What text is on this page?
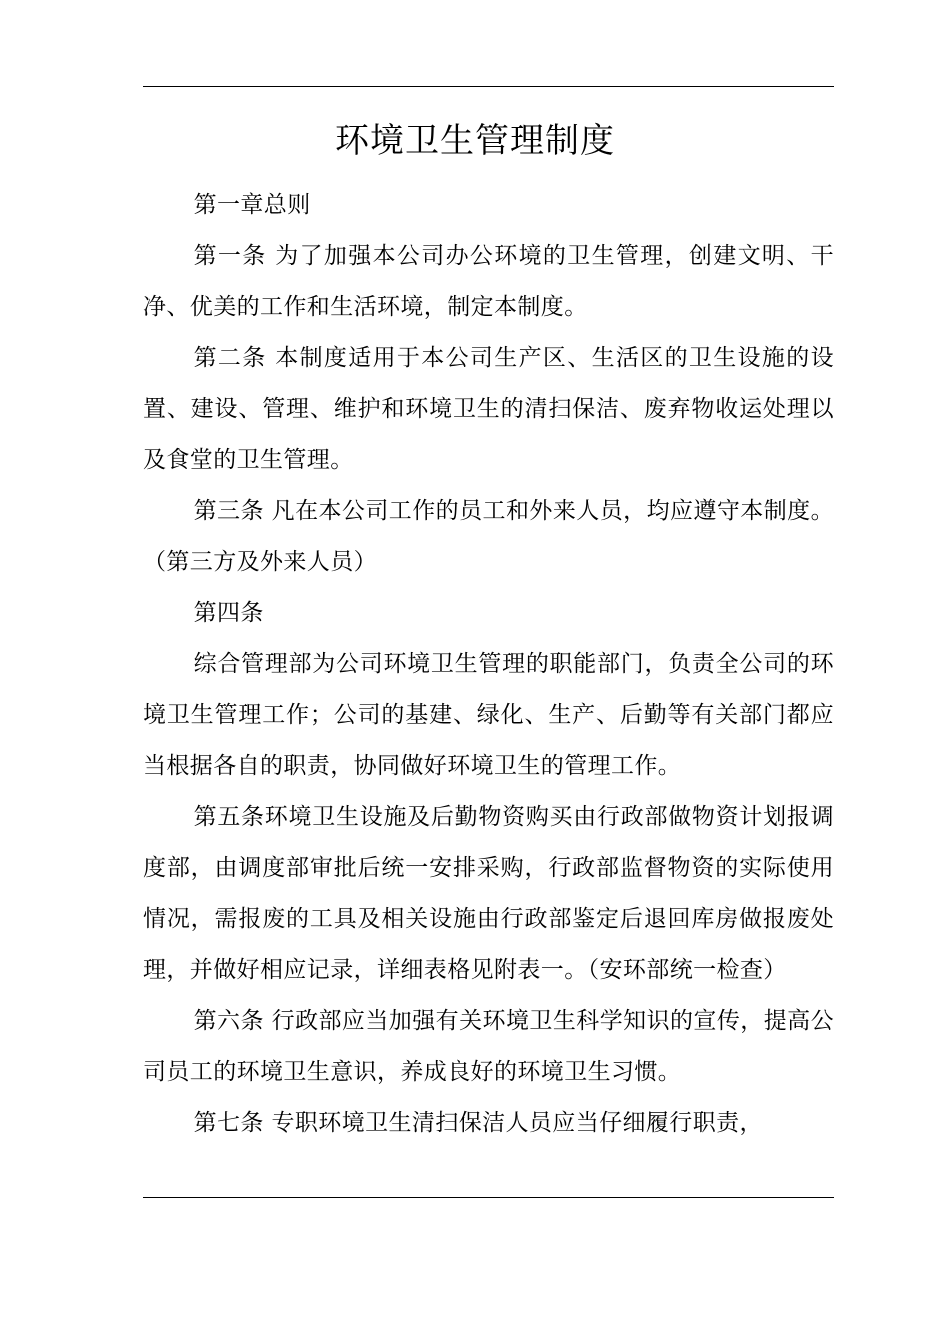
环境卫生管理制度

第一章总则

第一条 为了加强本公司办公环境的卫生管理，创建文明、干净、优美的工作和生活环境，制定本制度。

第二条 本制度适用于本公司生产区、生活区的卫生设施的设置、建设、管理、维护和环境卫生的清扫保洁、废弃物收运处理以及食堂的卫生管理。

第三条 凡在本公司工作的员工和外来人员，均应遵守本制度。（第三方及外来人员）

第四条

综合管理部为公司环境卫生管理的职能部门，负责全公司的环境卫生管理工作；公司的基建、绿化、生产、后勤等有关部门都应当根据各自的职责，协同做好环境卫生的管理工作。

第五条环境卫生设施及后勤物资购买由行政部做物资计划报调度部，由调度部审批后统一安排采购，行政部监督物资的实际使用情况，需报废的工具及相关设施由行政部鉴定后退回库房做报废处理，并做好相应记录，详细表格见附表一。（安环部统一检查）

第六条 行政部应当加强有关环境卫生科学知识的宣传，提高公司员工的环境卫生意识，养成良好的环境卫生习惯。

第七条 专职环境卫生清扫保洁人员应当仔细履行职责，
